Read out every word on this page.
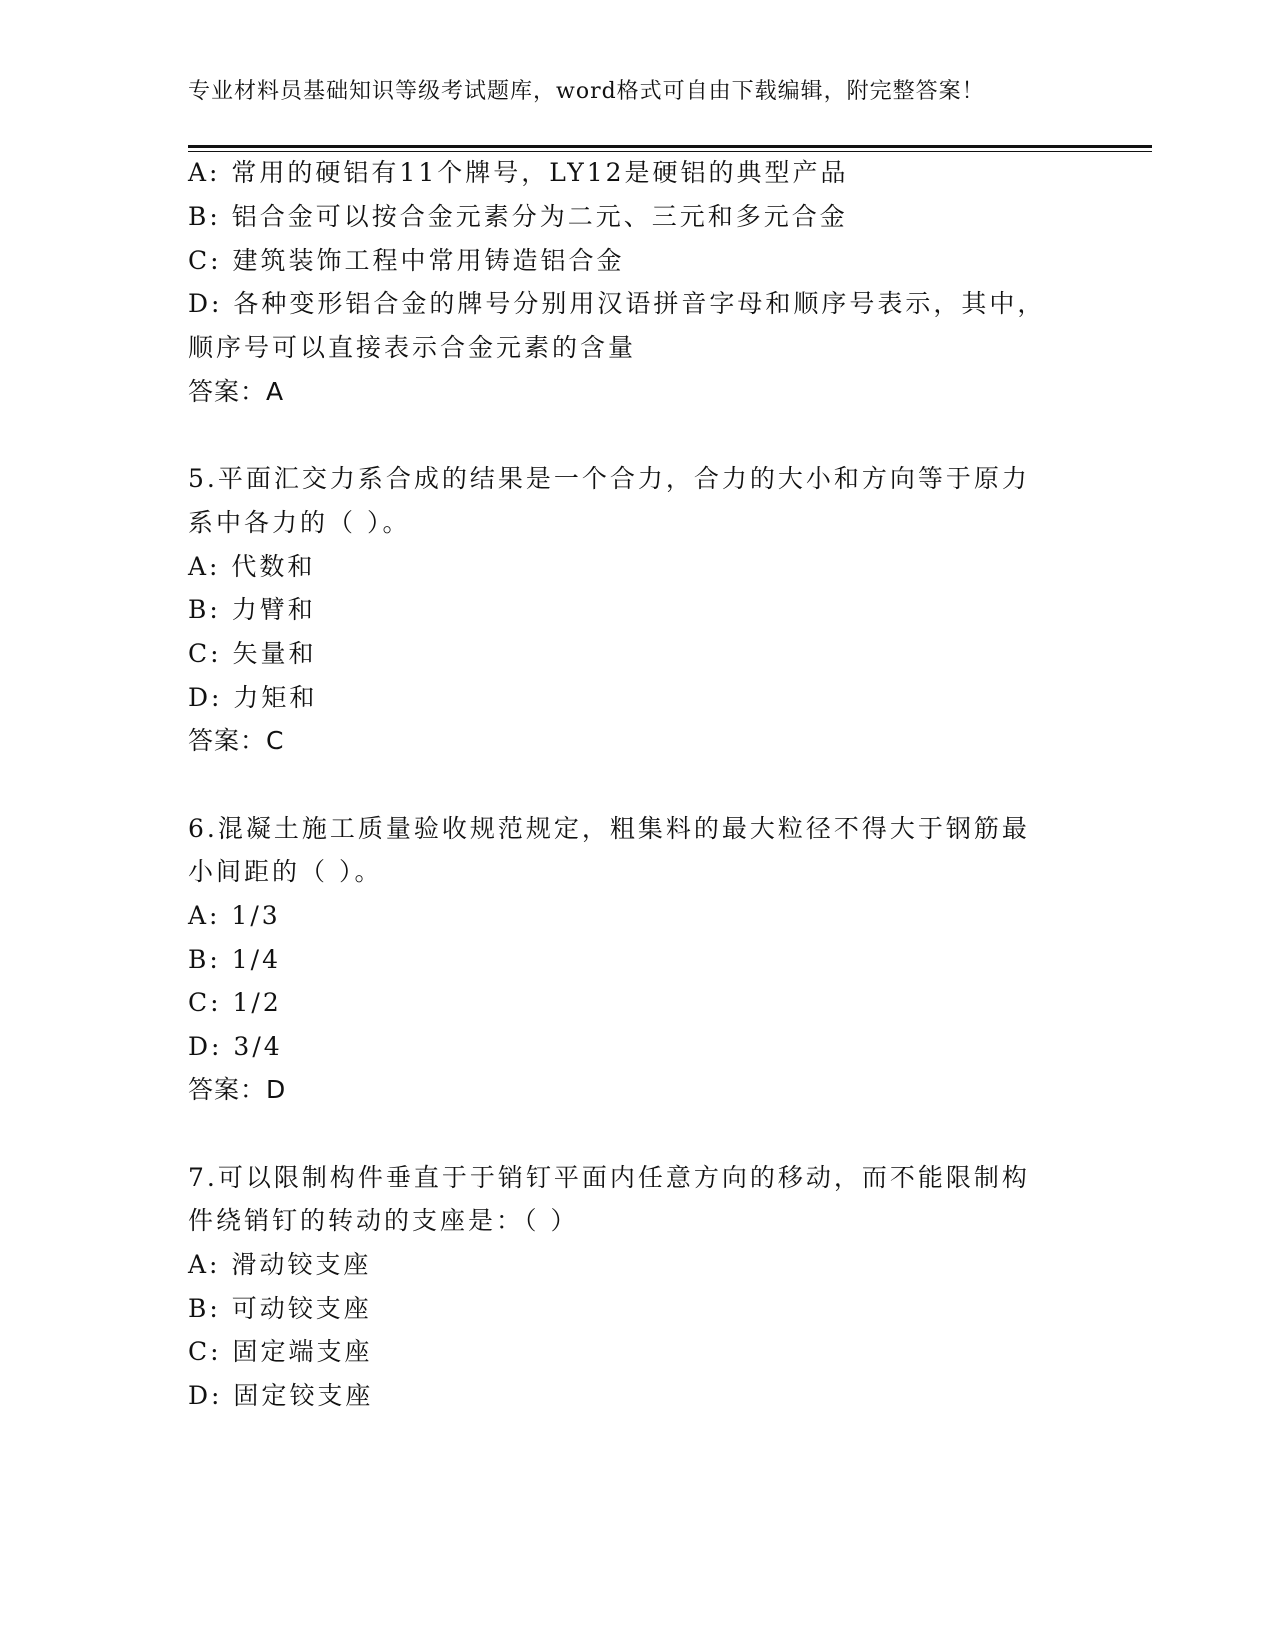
专业材料员基础知识等级考试题库，word格式可自由下载编辑，附完整答案！
A: 常用的硬铝有11个牌号，LY12是硬铝的典型产品
B: 铝合金可以按合金元素分为二元、三元和多元合金
C: 建筑装饰工程中常用铸造铝合金
D: 各种变形铝合金的牌号分别用汉语拼音字母和顺序号表示，其中，
顺序号可以直接表示合金元素的含量
答案：A
5.平面汇交力系合成的结果是一个合力，合力的大小和方向等于原力
系中各力的（ ）。
A: 代数和
B: 力臂和
C: 矢量和
D: 力矩和
答案：C
6.混凝土施工质量验收规范规定，粗集料的最大粒径不得大于钢筋最
小间距的（ ）。
A: 1/3
B: 1/4
C: 1/2
D: 3/4
答案：D
7.可以限制构件垂直于于销钉平面内任意方向的移动，而不能限制构
件绕销钉的转动的支座是：（ ）
A: 滑动铰支座
B: 可动铰支座
C: 固定端支座
D: 固定铰支座
